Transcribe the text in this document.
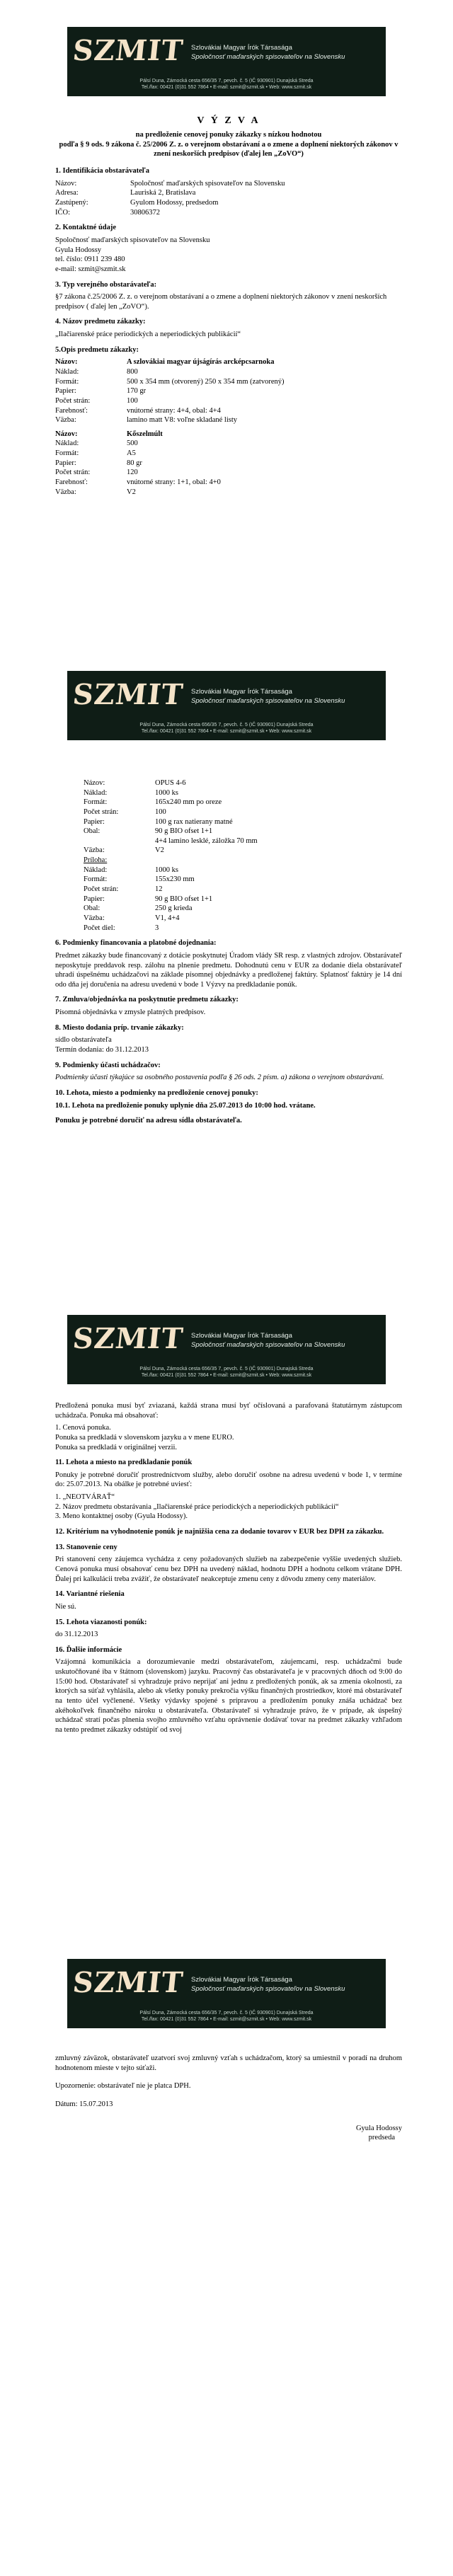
SZMIT Szlovákiai Magyar Írók Társasága
Spoločnosť maďarských spisovateľov na Slovensku
Pálsí Duna, Zámocká cesta 656/35 7, pevch. č. 5 (IČ 930901) Dunajská Streda
Tel./fax: 00421 (0)31 552 7864 • E-mail: szmit@szmit.sk • Web: www.szmit.sk
V Ý Z V A
na predloženie cenovej ponuky zákazky s nízkou hodnotou
podľa § 9 ods. 9 zákona č. 25/2006 Z. z. o verejnom obstarávaní a o zmene a doplnení niektorých zákonov v znení neskorších predpisov (ďalej len „ZoVO“)
1. Identifikácia obstarávateľa
Názov:	Spoločnosť maďarských spisovateľov na Slovensku
Adresa:	Lauriská 2, Bratislava
Zastúpený:	Gyulom Hodossy, predsedom
IČO:	30806372
2. Kontaktné údaje
Spoločnosť maďarských spisovateľov na Slovensku
Gyula Hodossy
tel. číslo: 0911 239 480
e-mail: szmit@szmit.sk
3. Typ verejného obstarávateľa:
§7 zákona č.25/2006 Z. z. o verejnom obstarávaní a o zmene a doplnení niektorých zákonov v znení neskorších predpisov ( ďalej len „ZoVO“).
4. Názov predmetu zákazky:
„Ilačiarenské práce periodických a neperiodických publikácií“
5.Opis predmetu zákazky:
Názov:	A szlovákiai magyar újságírás arcképcsarnoka
Náklad:	800
Formát:	500 x 354 mm (otvorený) 250 x 354 mm (zatvorený)
Papier:	170 gr
Počet strán:	100
Farebnosť:	vnútorné strany: 4+4, obal: 4+4
Väzba:	lamino matt V8: voľne skladané listy
Názov:	Kőszelmúlt
Náklad:	500
Formát:	A5
Papier:	80 gr
Počet strán:	120
Farebnosť:	vnútorné strany: 1+1, obal: 4+0
Väzba:	V2
SZMIT Szlovákiai Magyar Írók Társasága
Spoločnosť maďarských spisovateľov na Slovensku
Pálsí Duna, Zámocká cesta 656/35 7, pevch. č. 5 (IČ 930901) Dunajská Streda
Tel./fax: 00421 (0)31 552 7864 • E-mail: szmit@szmit.sk • Web: www.szmit.sk
Názov:	OPUS 4-6
Náklad:	1000 ks
Formát:	165x240 mm po oreze
Počet strán:	100
Papier:	100 g rax natierany matné
Obal:	90 g BIO ofset 1+1
	4+4 lamino lesklé, záložka 70 mm
Väzba:	V2
Príloha:	
Náklad:	1000 ks
Formát:	155x230 mm
Počet strán:	12
Papier:	90 g BIO ofset 1+1
Obal:	250 g krieda
Väzba:	V1, 4+4
Počet diel:	3
6. Podmienky financovania a platobné dojednania:
Predmet zákazky bude financovaný z dotácie poskytnutej Úradom vlády SR resp. z vlastných zdrojov. Obstarávateľ neposkytuje preddavok resp. zálohu na plnenie predmetu. Dohodnutú cenu v EUR za dodanie diela obstarávateľ uhradí úspešnému uchádzačovi na základe písomnej objednávky a predloženej faktúry. Splatnosť faktúry je 14 dní odo dňa jej doručenia na adresu uvedenú v bode 1 Výzvy na predkladanie ponúk.
7. Zmluva/objednávka na poskytnutie predmetu zákazky:
Písomná objednávka v zmysle platných predpisov.
8. Miesto dodania príp. trvanie zákazky:
sídlo obstarávateľa
Termín dodania: do 31.12.2013
9. Podmienky účasti uchádzačov:
Podmienky účasti týkajúce sa osobného postavenia podľa § 26 ods. 2 písm. a) zákona o verejnom obstarávaní.
10. Lehota, miesto a podmienky na predloženie cenovej ponuky:
10.1. Lehota na predloženie ponuky uplynie dňa 25.07.2013 do 10:00 hod. vrátane.
Ponuku je potrebné doručiť na adresu sídla obstarávateľa.
SZMIT Szlovákiai Magyar Írók Társasága
Spoločnosť maďarských spisovateľov na Slovensku
Pálsí Duna, Zámocká cesta 656/35 7, pevch. č. 5 (IČ 930901) Dunajská Streda
Tel./fax: 00421 (0)31 552 7864 • E-mail: szmit@szmit.sk • Web: www.szmit.sk
Predložená ponuka musí byť zviazaná, každá strana musí byť očíslovaná a parafovaná štatutárnym zástupcom uchádzača. Ponuka má obsahovať:
1. Cenová ponuka.
Ponuka sa predkladá v slovenskom jazyku a v mene EURO.
Ponuka sa predkladá v originálnej verzii.
11. Lehota a miesto na predkladanie ponúk
Ponuky je potrebné doručiť prostredníctvom služby, alebo doručiť osobne na adresu uvedenú v bode 1, v termíne do: 25.07.2013. Na obálke je potrebné uviesť:
1. „NEOTVÁRAŤ“
2. Názov predmetu obstarávania „Ilačiarenské práce periodických a neperiodických publikácií“
3. Meno kontaktnej osoby (Gyula Hodossy).
12. Kritérium na vyhodnotenie ponúk je najnižšia cena za dodanie tovarov v EUR bez DPH za zákazku.
13. Stanovenie ceny
Pri stanovení ceny záujemca vychádza z ceny požadovaných služieb na zabezpečenie vyššie uvedených služieb. Cenová ponuka musí obsahovať cenu bez DPH na uvedený náklad, hodnotu DPH a hodnotu celkom vrátane DPH. Ďalej pri kalkulácii treba zvážiť, že obstarávateľ neakceptuje zmenu ceny z dôvodu zmeny ceny materiálov.
14. Variantné riešenia
Nie sú.
15. Lehota viazanosti ponúk:
do 31.12.2013
16. Ďalšie informácie
Vzájomná komunikácia a dorozumievanie medzi obstarávateľom, záujemcami, resp. uchádzačmi bude uskutočňované iba v štátnom (slovenskom) jazyku. Pracovný čas obstarávateľa je v pracovných dňoch od 9:00 do 15:00 hod. Obstarávateľ si vyhradzuje právo neprijať ani jednu z predložených ponúk, ak sa zmenia okolnosti, za ktorých sa súťaž vyhlásila, alebo ak všetky ponuky prekročia výšku finančných prostriedkov, ktoré má obstarávateľ na tento účel vyčlenené. Všetky výdavky spojené s prípravou a predložením ponuky znáša uchádzač bez akéhokoľvek finančného nároku u obstarávateľa. Obstarávateľ si vyhradzuje právo, že v prípade, ak úspešný uchádzač stratí počas plnenia svojho zmluvného vzťahu oprávnenie dodávať tovar na predmet zákazky vzhľadom na tento predmet zákazky odstúpiť od svoj
SZMIT Szlovákiai Magyar Írók Társasága
Spoločnosť maďarských spisovateľov na Slovensku
Pálsí Duna, Zámocká cesta 656/35 7, pevch. č. 5 (IČ 930901) Dunajská Streda
Tel./fax: 00421 (0)31 552 7864 • E-mail: szmit@szmit.sk • Web: www.szmit.sk
zmluvný záväzok, obstarávateľ uzatvorí svoj zmluvný vzťah s uchádzačom, ktorý sa umiestnil v poradí na druhom hodnotenom mieste v tejto súťaži.
Upozornenie: obstarávateľ nie je platca DPH.
Dátum: 15.07.2013
Gyula Hodossy
predseda
